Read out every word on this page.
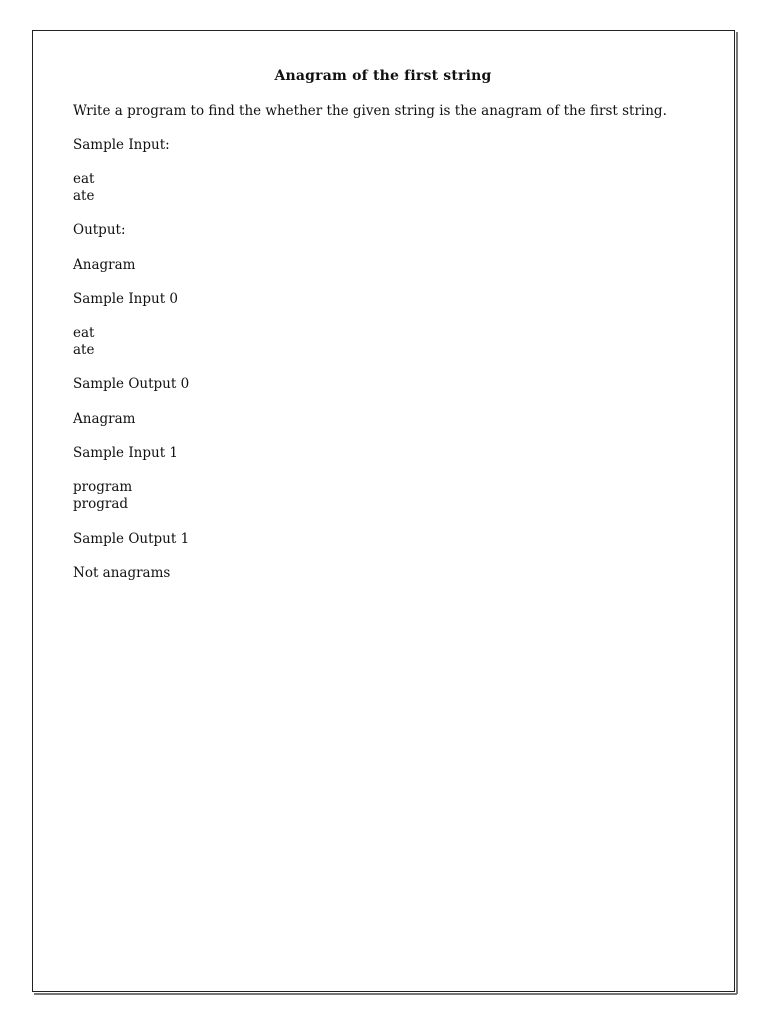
Anagram of the first string
Write a program to find the whether the given string is the anagram of the first string.
Sample Input:
eat
ate
Output:
Anagram
Sample Input 0
eat
ate
Sample Output 0
Anagram
Sample Input 1
program
prograd
Sample Output 1
Not anagrams
